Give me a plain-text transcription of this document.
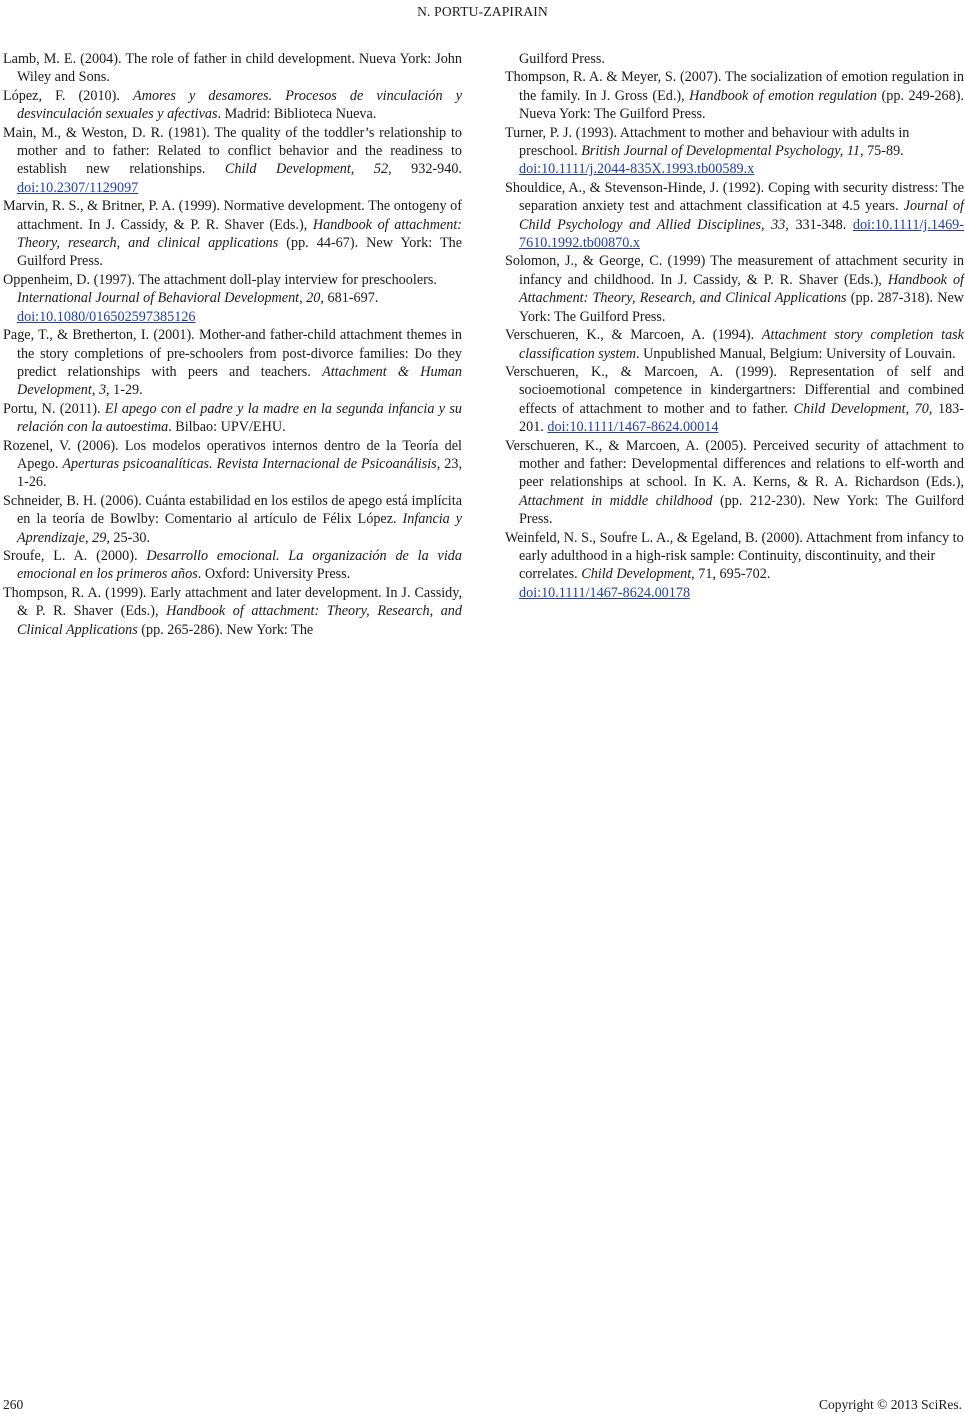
N. PORTU-ZAPIRAIN

Lamb, M. E. (2004). The role of father in child development. Nueva York: John Wiley and Sons.

López, F. (2010). Amores y desamores. Procesos de vinculación y desvinculación sexuales y afectivas. Madrid: Biblioteca Nueva.

Main, M., & Weston, D. R. (1981). The quality of the toddler’s relationship to mother and to father: Related to conflict behavior and the readiness to establish new relationships. Child Development, 52, 932-940. doi:10.2307/1129097

Marvin, R. S., & Britner, P. A. (1999). Normative development. The ontogeny of attachment. In J. Cassidy, & P. R. Shaver (Eds.), Handbook of attachment: Theory, research, and clinical applications (pp. 44-67). New York: The Guilford Press.

Oppenheim, D. (1997). The attachment doll-play interview for preschoolers. International Journal of Behavioral Development, 20, 681-697.
doi:10.1080/016502597385126

Page, T., & Bretherton, I. (2001). Mother-and father-child attachment themes in the story completions of pre-schoolers from post-divorce families: Do they predict relationships with peers and teachers. Attachment & Human Development, 3, 1-29.

Portu, N. (2011). El apego con el padre y la madre en la segunda infancia y su relación con la autoestima. Bilbao: UPV/EHU.

Rozenel, V. (2006). Los modelos operativos internos dentro de la Teoría del Apego. Aperturas psicoanalíticas. Revista Internacional de Psicoanálisis, 23, 1-26.

Schneider, B. H. (2006). Cuánta estabilidad en los estilos de apego está implícita en la teoría de Bowlby: Comentario al artículo de Félix López. Infancia y Aprendizaje, 29, 25-30.

Sroufe, L. A. (2000). Desarrollo emocional. La organización de la vida emocional en los primeros años. Oxford: University Press.

Thompson, R. A. (1999). Early attachment and later development. In J. Cassidy, & P. R. Shaver (Eds.), Handbook of attachment: Theory, Research, and Clinical Applications (pp. 265-286). New York: The

Guilford Press.

Thompson, R. A. & Meyer, S. (2007). The socialization of emotion regulation in the family. In J. Gross (Ed.), Handbook of emotion regulation (pp. 249-268). Nueva York: The Guilford Press.

Turner, P. J. (1993). Attachment to mother and behaviour with adults in preschool. British Journal of Developmental Psychology, 11, 75-89.
doi:10.1111/j.2044-835X.1993.tb00589.x

Shouldice, A., & Stevenson-Hinde, J. (1992). Coping with security distress: The separation anxiety test and attachment classification at 4.5 years. Journal of Child Psychology and Allied Disciplines, 33, 331-348. doi:10.1111/j.1469-7610.1992.tb00870.x

Solomon, J., & George, C. (1999) The measurement of attachment security in infancy and childhood. In J. Cassidy, & P. R. Shaver (Eds.), Handbook of Attachment: Theory, Research, and Clinical Applications (pp. 287-318). New York: The Guilford Press.

Verschueren, K., & Marcoen, A. (1994). Attachment story completion task classification system. Unpublished Manual, Belgium: University of Louvain.

Verschueren, K., & Marcoen, A. (1999). Representation of self and socioemotional competence in kindergartners: Differential and combined effects of attachment to mother and to father. Child Development, 70, 183-201. doi:10.1111/1467-8624.00014

Verschueren, K., & Marcoen, A. (2005). Perceived security of attachment to mother and father: Developmental differences and relations to elf-worth and peer relationships at school. In K. A. Kerns, & R. A. Richardson (Eds.), Attachment in middle childhood (pp. 212-230). New York: The Guilford Press.

Weinfeld, N. S., Soufre L. A., & Egeland, B. (2000). Attachment from infancy to early adulthood in a high-risk sample: Continuity, discontinuity, and their correlates. Child Development, 71, 695-702.
doi:10.1111/1467-8624.00178

260	Copyright © 2013 SciRes.
